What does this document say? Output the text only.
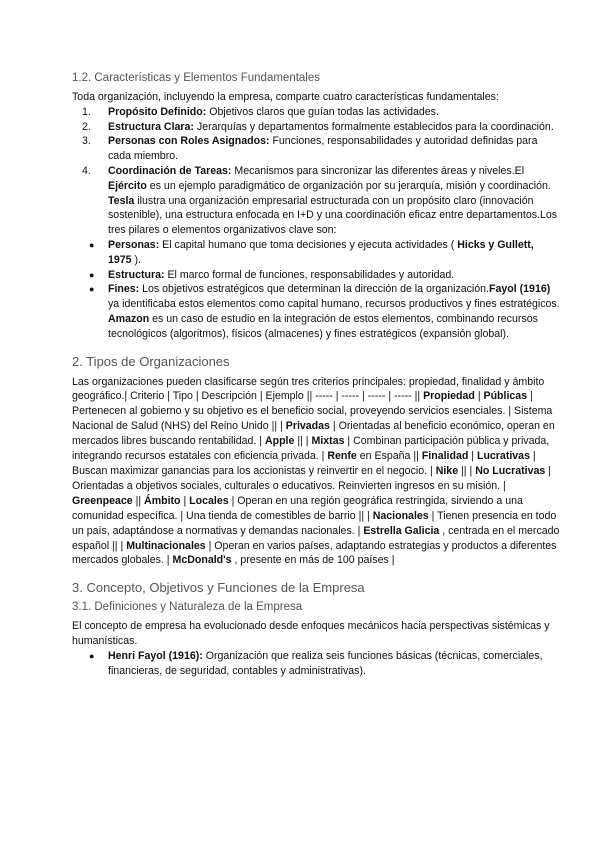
1.2. Características y Elementos Fundamentales

Toda organización, incluyendo la empresa, comparte cuatro características fundamentales:

1. Propósito Definido: Objetivos claros que guían todas las actividades.
2. Estructura Clara: Jerarquías y departamentos formalmente establecidos para la coordinación.
3. Personas con Roles Asignados: Funciones, responsabilidades y autoridad definidas para cada miembro.
4. Coordinación de Tareas: Mecanismos para sincronizar las diferentes áreas y niveles.El Ejército es un ejemplo paradigmático de organización por su jerarquía, misión y coordinación. Tesla ilustra una organización empresarial estructurada con un propósito claro (innovación sostenible), una estructura enfocada en I+D y una coordinación eficaz entre departamentos.Los tres pilares o elementos organizativos clave son:
● Personas: El capital humano que toma decisiones y ejecuta actividades ( Hicks y Gullett, 1975 ).
● Estructura: El marco formal de funciones, responsabilidades y autoridad.
● Fines: Los objetivos estratégicos que determinan la dirección de la organización.Fayol (1916) ya identificaba estos elementos como capital humano, recursos productivos y fines estratégicos. Amazon es un caso de estudio en la integración de estos elementos, combinando recursos tecnológicos (algoritmos), físicos (almacenes) y fines estratégicos (expansión global).
2. Tipos de Organizaciones

Las organizaciones pueden clasificarse según tres criterios principales: propiedad, finalidad y ámbito geográfico.| Criterio | Tipo | Descripción | Ejemplo || ----- | ----- | ----- | ----- || Propiedad | Públicas | Pertenecen al gobierno y su objetivo es el beneficio social, proveyendo servicios esenciales. | Sistema Nacional de Salud (NHS) del Reino Unido || | Privadas | Orientadas al beneficio económico, operan en mercados libres buscando rentabilidad. | Apple || | Mixtas | Combinan participación pública y privada, integrando recursos estatales con eficiencia privada. | Renfe en España || Finalidad | Lucrativas | Buscan maximizar ganancias para los accionistas y reinvertir en el negocio. | Nike || | No Lucrativas | Orientadas a objetivos sociales, culturales o educativos. Reinvierten ingresos en su misión. | Greenpeace || Ámbito | Locales | Operan en una región geográfica restringida, sirviendo a una comunidad específica. | Una tienda de comestibles de barrio || | Nacionales | Tienen presencia en todo un país, adaptándose a normativas y demandas nacionales. | Estrella Galicia , centrada en el mercado español || | Multinacionales | Operan en varios países, adaptando estrategias y productos a diferentes mercados globales. | McDonald's , presente en más de 100 países |

3. Concepto, Objetivos y Funciones de la Empresa
3.1. Definiciones y Naturaleza de la Empresa

El concepto de empresa ha evolucionado desde enfoques mecánicos hacia perspectivas sistémicas y humanísticas.

● Henri Fayol (1916): Organización que realiza seis funciones básicas (técnicas, comerciales, financieras, de seguridad, contables y administrativas).
